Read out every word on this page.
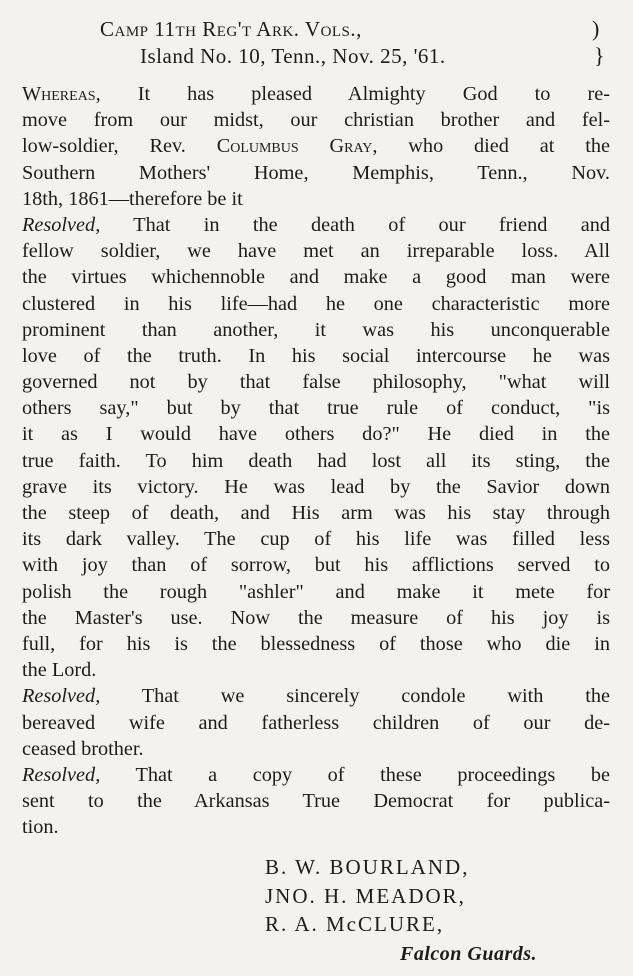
Camp 11th Reg't Ark. Vols.,	)
Island No. 10, Tenn., Nov. 25, '61.	}
Whereas, It has pleased Almighty God to re-
move from our midst, our christian brother and fel-
low-soldier, Rev. Columbus Gray, who died at the
Southern Mothers' Home, Memphis, Tenn., Nov.
18th, 1861—therefore be it
Resolved, That in the death of our friend and
fellow soldier, we have met an irreparable loss. All
the virtues whichennoble and make a good man were
clustered in his life—had he one characteristic more
prominent than another, it was his unconquerable
love of the truth. In his social intercourse he was
governed not by that false philosophy, "what will
others say," but by that true rule of conduct, "is
it as I would have others do?" He died in the
true faith. To him death had lost all its sting, the
grave its victory. He was lead by the Savior down
the steep of death, and His arm was his stay through
its dark valley. The cup of his life was filled less
with joy than of sorrow, but his afflictions served to
polish the rough "ashler" and make it mete for
the Master's use. Now the measure of his joy is
full, for his is the blessedness of those who die in
the Lord.
Resolved, That we sincerely condole with the
bereaved wife and fatherless children of our de-
ceased brother.
Resolved, That a copy of these proceedings be
sent to the Arkansas True Democrat for publica-
tion.
B. W. BOURLAND,
JNO. H. MEADOR,
R. A. McCLURE,
Falcon Guards.
